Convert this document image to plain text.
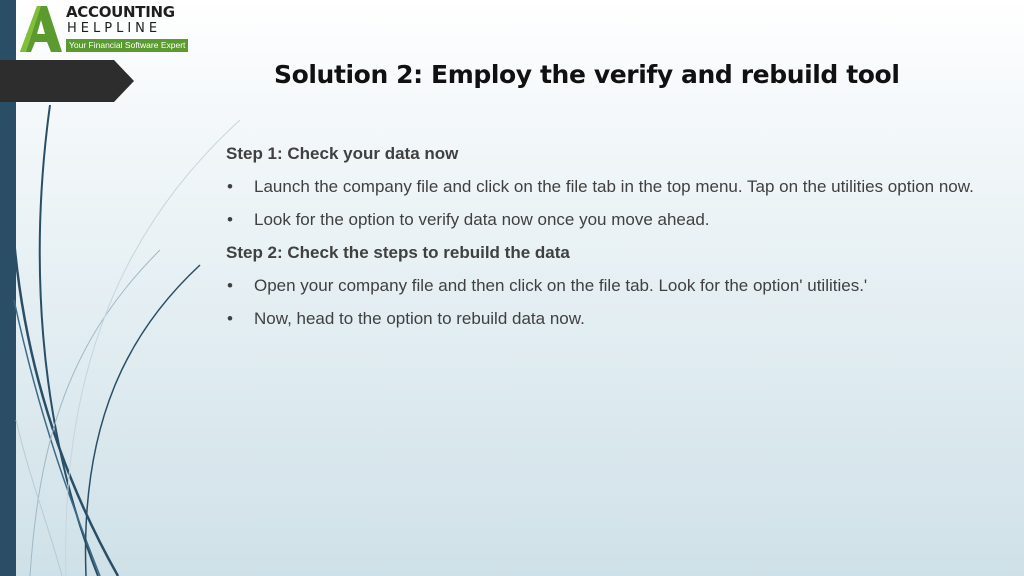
ACCOUNTING
HELPLINE
Your Financial Software Expert
Solution 2: Employ the verify and rebuild tool
Step 1: Check your data now
• Launch the company file and click on the file tab in the top menu. Tap on the utilities option now.
• Look for the option to verify data now once you move ahead.
Step 2: Check the steps to rebuild the data
• Open your company file and then click on the file tab. Look for the option' utilities.'
• Now, head to the option to rebuild data now.
